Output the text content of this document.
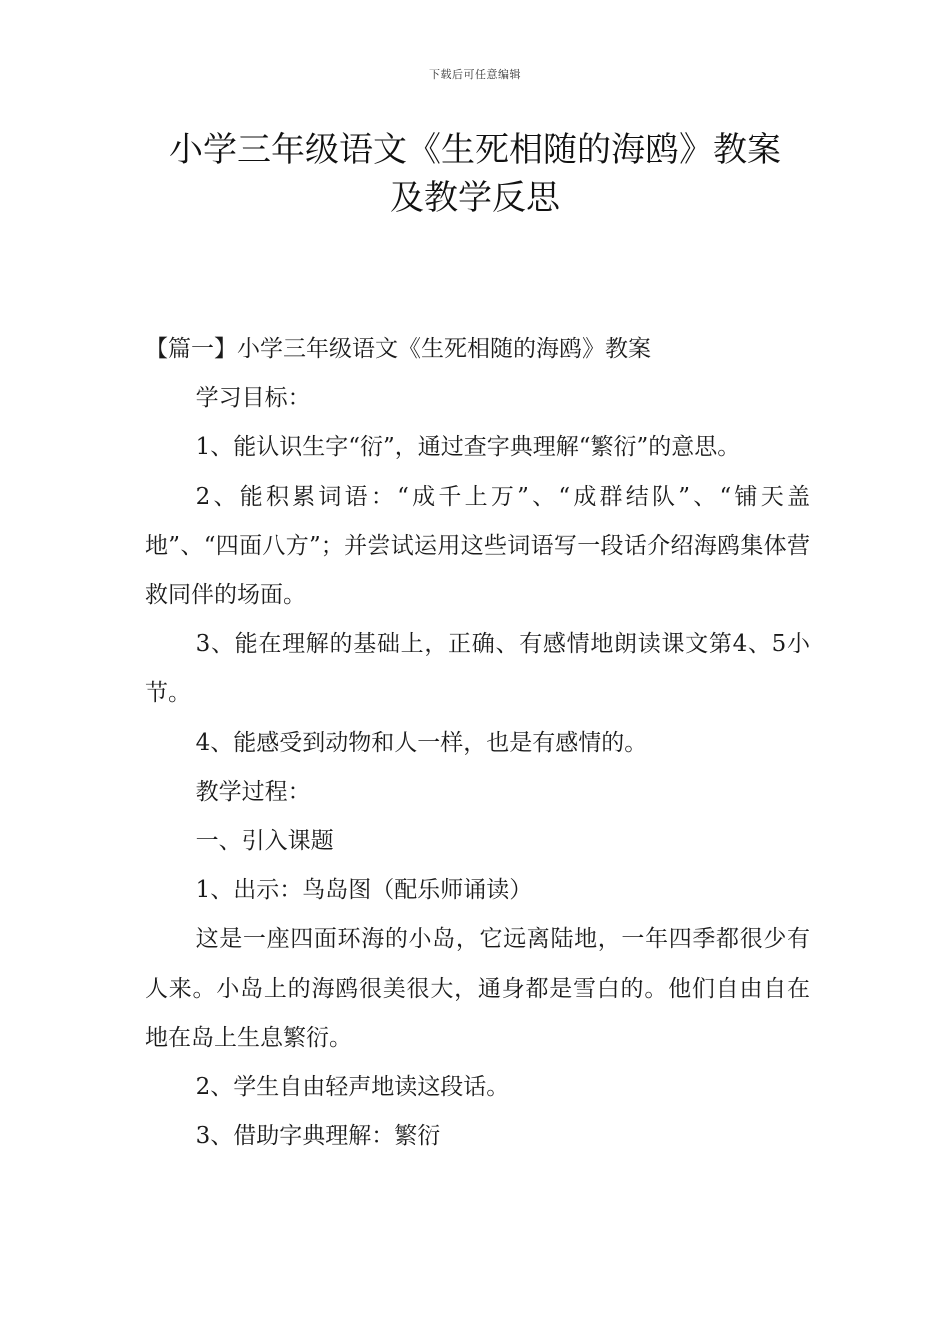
下载后可任意编辑
小学三年级语文《生死相随的海鸥》教案
及教学反思

【篇一】小学三年级语文《生死相随的海鸥》教案

学习目标：

1、能认识生字“衍”，通过查字典理解“繁衍”的意思。

2、能积累词语：“成千上万”、“成群结队”、“铺天盖地”、“四面八方”；并尝试运用这些词语写一段话介绍海鸥集体营救同伴的场面。

3、能在理解的基础上，正确、有感情地朗读课文第4、5小节。

4、能感受到动物和人一样，也是有感情的。

教学过程：

一、引入课题

1、出示：鸟岛图（配乐师诵读）

这是一座四面环海的小岛，它远离陆地，一年四季都很少有人来。小岛上的海鸥很美很大，通身都是雪白的。他们自由自在地在岛上生息繁衍。

2、学生自由轻声地读这段话。

3、借助字典理解：繁衍
